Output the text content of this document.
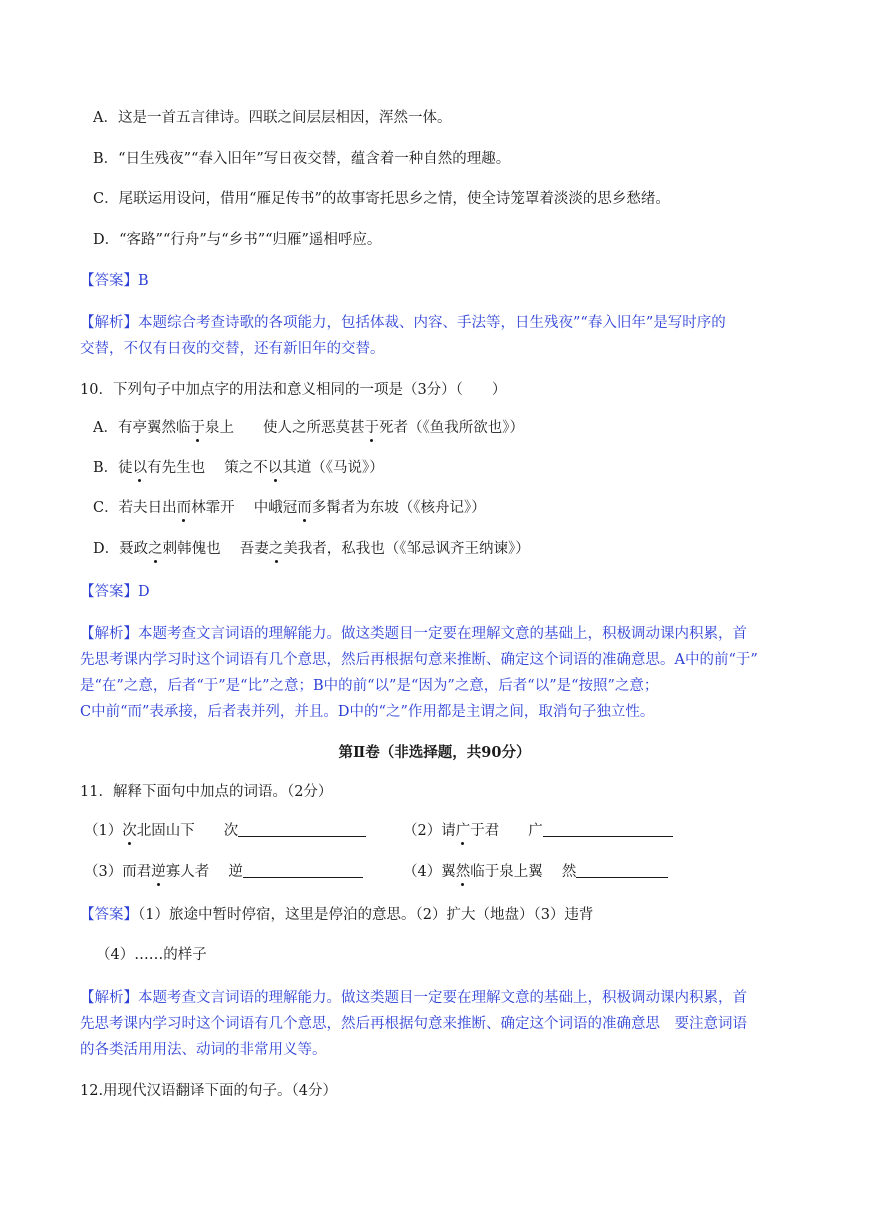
A．这是一首五言律诗。四联之间层层相因，浑然一体。
B．“日生残夜”“春入旧年”写日夜交替，蕴含着一种自然的理趣。
C．尾联运用设问，借用“雁足传书”的故事寄托思乡之情，使全诗笼罩着淡淡的思乡愁绪。
D．“客路”“行舟”与“乡书”“归雁”遥相呼应。
【答案】B
【解析】本题综合考查诗歌的各项能力，包括体裁、内容、手法等，日生残夜”“春入旧年”是写时序的
交替，不仅有日夜的交替，还有新旧年的交替。
10．下列句子中加点字的用法和意义相同的一项是（3分）（　　）
A．有亭翼然临于泉上　　使人之所恶莫甚于死者（《鱼我所欲也》）
B．徒以有先生也　 策之不以其道（《马说》）
C．若夫日出而林霏开　 中峨冠而多髯者为东坡（《核舟记》）
D．聂政之刺韩傀也　 吾妻之美我者，私我也（《邹忌讽齐王纳谏》）
【答案】D
【解析】本题考查文言词语的理解能力。做这类题目一定要在理解文意的基础上，积极调动课内积累，首
先思考课内学习时这个词语有几个意思，然后再根据句意来推断、确定这个词语的准确意思。A中的前“于”
是“在”之意，后者“于”是“比”之意；B中的前“以”是“因为”之意，后者“以”是“按照”之意；
C中前“而”表承接，后者表并列，并且。D中的“之”作用都是主谓之间，取消句子独立性。
第Ⅱ卷（非选择题，共90分）
11．解释下面句中加点的词语。（2分）
（1）次北固山下　　次	（2）请广于君　　广
（3）而君逆寡人者　 逆	（4）翼然临于泉上翼　 然
【答案】（1）旅途中暂时停宿，这里是停泊的意思。（2）扩大（地盘）（3）违背
（4）……的样子
【解析】本题考查文言词语的理解能力。做这类题目一定要在理解文意的基础上，积极调动课内积累，首
先思考课内学习时这个词语有几个意思，然后再根据句意来推断、确定这个词语的准确意思　要注意词语
的各类活用用法、动词的非常用义等。
12.用现代汉语翻译下面的句子。（4分）
